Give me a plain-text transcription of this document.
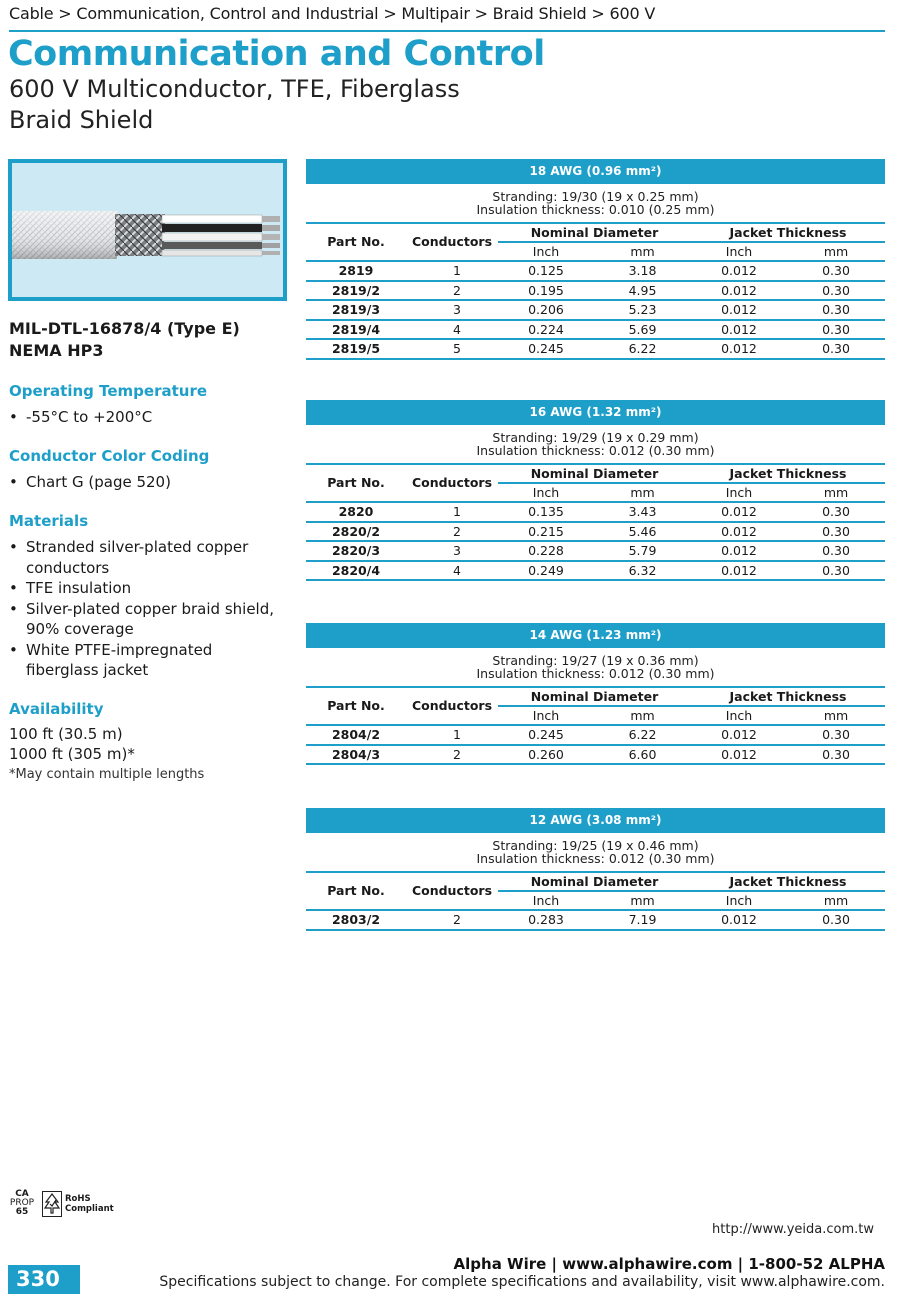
Cable > Communication, Control and Industrial > Multipair > Braid Shield > 600 V
Communication and Control
600 V Multiconductor, TFE, Fiberglass
Braid Shield
MIL-DTL-16878/4 (Type E)
NEMA HP3
Operating Temperature
• -55°C to +200°C
Conductor Color Coding
• Chart G (page 520)
Materials
• Stranded silver-plated copper conductors
• TFE insulation
• Silver-plated copper braid shield, 90% coverage
• White PTFE-impregnated fiberglass jacket
Availability
100 ft (30.5 m)
1000 ft (305 m)*
*May contain multiple lengths
18 AWG (0.96 mm²)
Stranding: 19/30 (19 x 0.25 mm)
Insulation thickness: 0.010 (0.25 mm)
Part No.	Conductors
Nominal Diameter	Jacket Thickness
Inch	mm	Inch	mm
2819	1	0.125	3.18	0.012	0.30
2819/2	2	0.195	4.95	0.012	0.30
2819/3	3	0.206	5.23	0.012	0.30
2819/4	4	0.224	5.69	0.012	0.30
2819/5	5	0.245	6.22	0.012	0.30
16 AWG (1.32 mm²)
Stranding: 19/29 (19 x 0.29 mm)
Insulation thickness: 0.012 (0.30 mm)
Part No.	Conductors
Nominal Diameter	Jacket Thickness
Inch	mm	Inch	mm
2820	1	0.135	3.43	0.012	0.30
2820/2	2	0.215	5.46	0.012	0.30
2820/3	3	0.228	5.79	0.012	0.30
2820/4	4	0.249	6.32	0.012	0.30
14 AWG (1.23 mm²)
Stranding: 19/27 (19 x 0.36 mm)
Insulation thickness: 0.012 (0.30 mm)
Part No.	Conductors
Nominal Diameter	Jacket Thickness
Inch	mm	Inch	mm
2804/2	1	0.245	6.22	0.012	0.30
2804/3	2	0.260	6.60	0.012	0.30
12 AWG (3.08 mm²)
Stranding: 19/25 (19 x 0.46 mm)
Insulation thickness: 0.012 (0.30 mm)
Part No.	Conductors
Nominal Diameter	Jacket Thickness
Inch	mm	Inch	mm
2803/2	2	0.283	7.19	0.012	0.30
CA
PROP
65
RoHS
Compliant
http://www.yeida.com.tw
Alpha Wire | www.alphawire.com | 1-800-52 ALPHA
Specifications subject to change. For complete specifications and availability, visit www.alphawire.com.
330
